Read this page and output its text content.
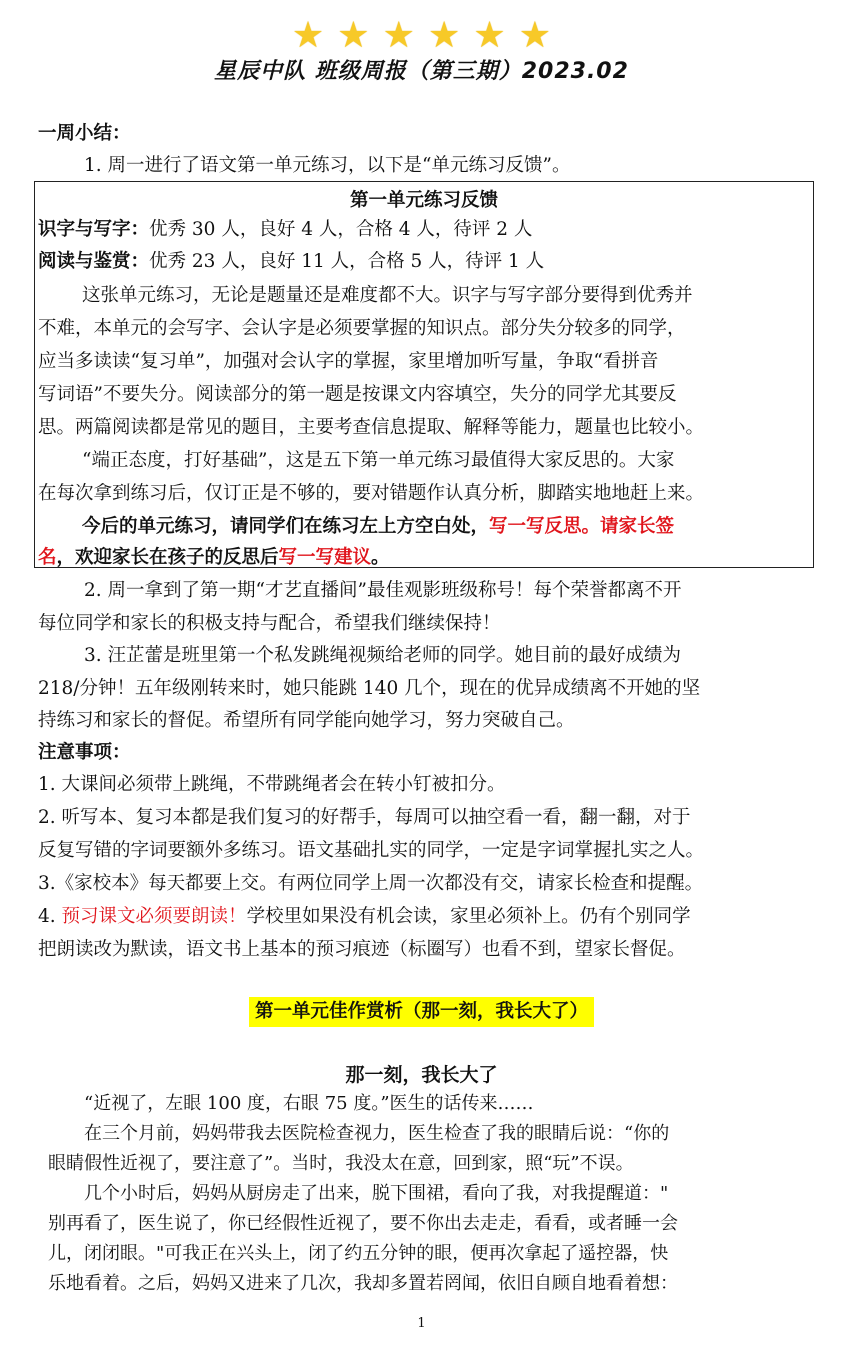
★ ★ ★ ★ ★ ★
星辰中队 班级周报（第三期）2023.02
一周小结：
1. 周一进行了语文第一单元练习，以下是“单元练习反馈”。
第一单元练习反馈
识字与写字：优秀 30 人，良好 4 人，合格 4 人，待评 2 人
阅读与鉴赏：优秀 23 人，良好 11 人，合格 5 人，待评 1 人
这张单元练习，无论是题量还是难度都不大。识字与写字部分要得到优秀并
不难，本单元的会写字、会认字是必须要掌握的知识点。部分失分较多的同学，
应当多读读“复习单”，加强对会认字的掌握，家里增加听写量，争取“看拼音
写词语”不要失分。阅读部分的第一题是按课文内容填空，失分的同学尤其要反
思。两篇阅读都是常见的题目，主要考查信息提取、解释等能力，题量也比较小。
“端正态度，打好基础”，这是五下第一单元练习最值得大家反思的。大家
在每次拿到练习后，仅订正是不够的，要对错题作认真分析，脚踏实地地赶上来。
今后的单元练习，请同学们在练习左上方空白处，写一写反思。请家长签
名，欢迎家长在孩子的反思后写一写建议。
2. 周一拿到了第一期“才艺直播间”最佳观影班级称号！每个荣誉都离不开
每位同学和家长的积极支持与配合，希望我们继续保持！
3. 汪芷蕾是班里第一个私发跳绳视频给老师的同学。她目前的最好成绩为
218/分钟！五年级刚转来时，她只能跳 140 几个，现在的优异成绩离不开她的坚
持练习和家长的督促。希望所有同学能向她学习，努力突破自己。
注意事项：
1. 大课间必须带上跳绳，不带跳绳者会在转小钉被扣分。
2. 听写本、复习本都是我们复习的好帮手，每周可以抽空看一看，翻一翻，对于
反复写错的字词要额外多练习。语文基础扎实的同学，一定是字词掌握扎实之人。
3.《家校本》每天都要上交。有两位同学上周一次都没有交，请家长检查和提醒。
4. 预习课文必须要朗读！学校里如果没有机会读，家里必须补上。仍有个别同学
把朗读改为默读，语文书上基本的预习痕迹（标圈写）也看不到，望家长督促。
第一单元佳作赏析（那一刻，我长大了）
那一刻，我长大了
“近视了，左眼 100 度，右眼 75 度。”医生的话传来……
在三个月前，妈妈带我去医院检查视力，医生检查了我的眼睛后说：“你的
眼睛假性近视了，要注意了”。当时，我没太在意，回到家，照“玩”不误。
几个小时后，妈妈从厨房走了出来，脱下围裙，看向了我，对我提醒道："
别再看了，医生说了，你已经假性近视了，要不你出去走走，看看，或者睡一会
儿，闭闭眼。"可我正在兴头上，闭了约五分钟的眼，便再次拿起了遥控器，快
乐地看着。之后，妈妈又进来了几次，我却多置若罔闻，依旧自顾自地看着想：
1
